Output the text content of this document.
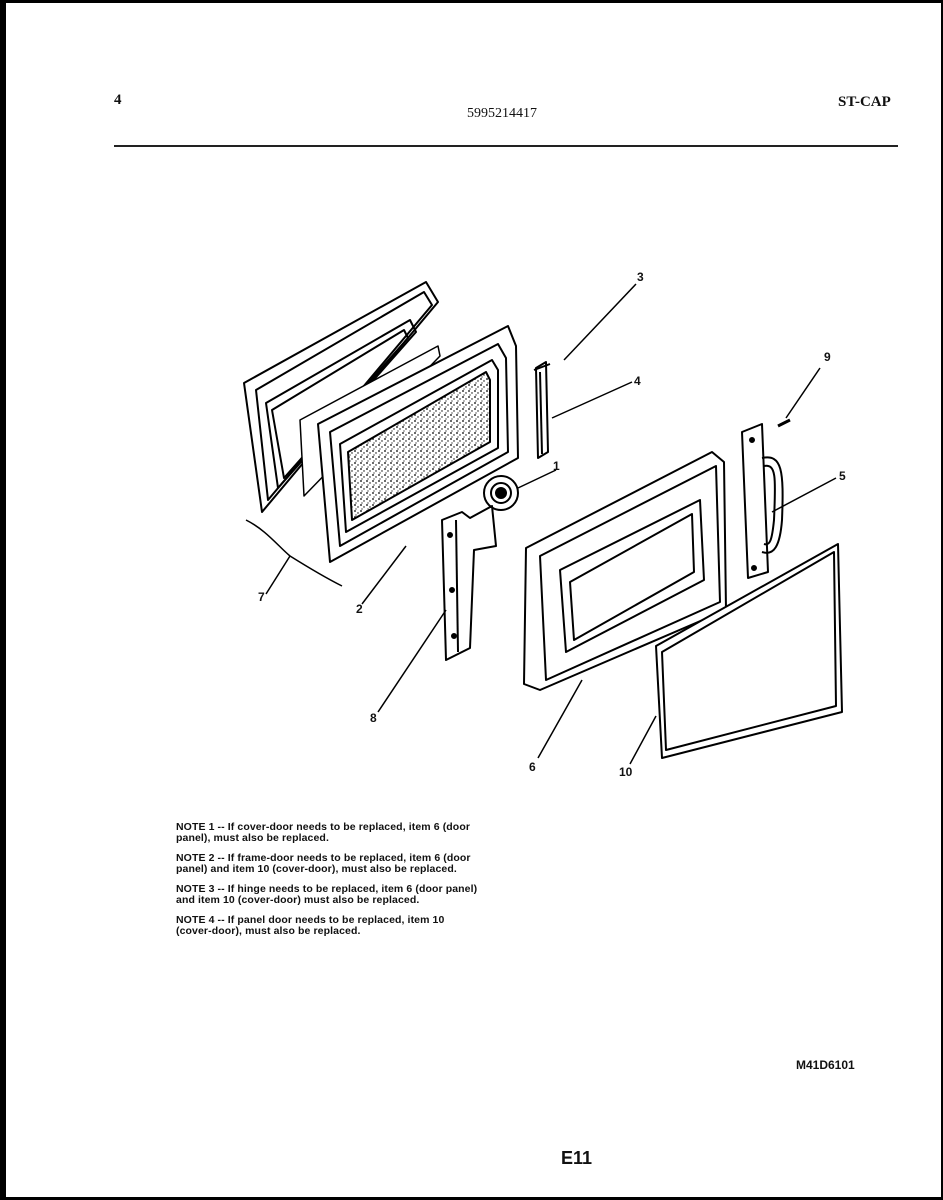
4
5995214417
ST-CAP
1
2
3
4
5
6
7
8
9
10

NOTE 1 -- If cover-door needs to be replaced, item 6 (door
panel), must also be replaced.

NOTE 2 -- If frame-door needs to be replaced, item 6 (door
panel) and item 10 (cover-door), must also be replaced.

NOTE 3 -- If hinge needs to be replaced, item 6 (door panel)
and item 10 (cover-door) must also be replaced.

NOTE 4 -- If panel door needs to be replaced, item 10
(cover-door), must also be replaced.

M41D6101
E11
